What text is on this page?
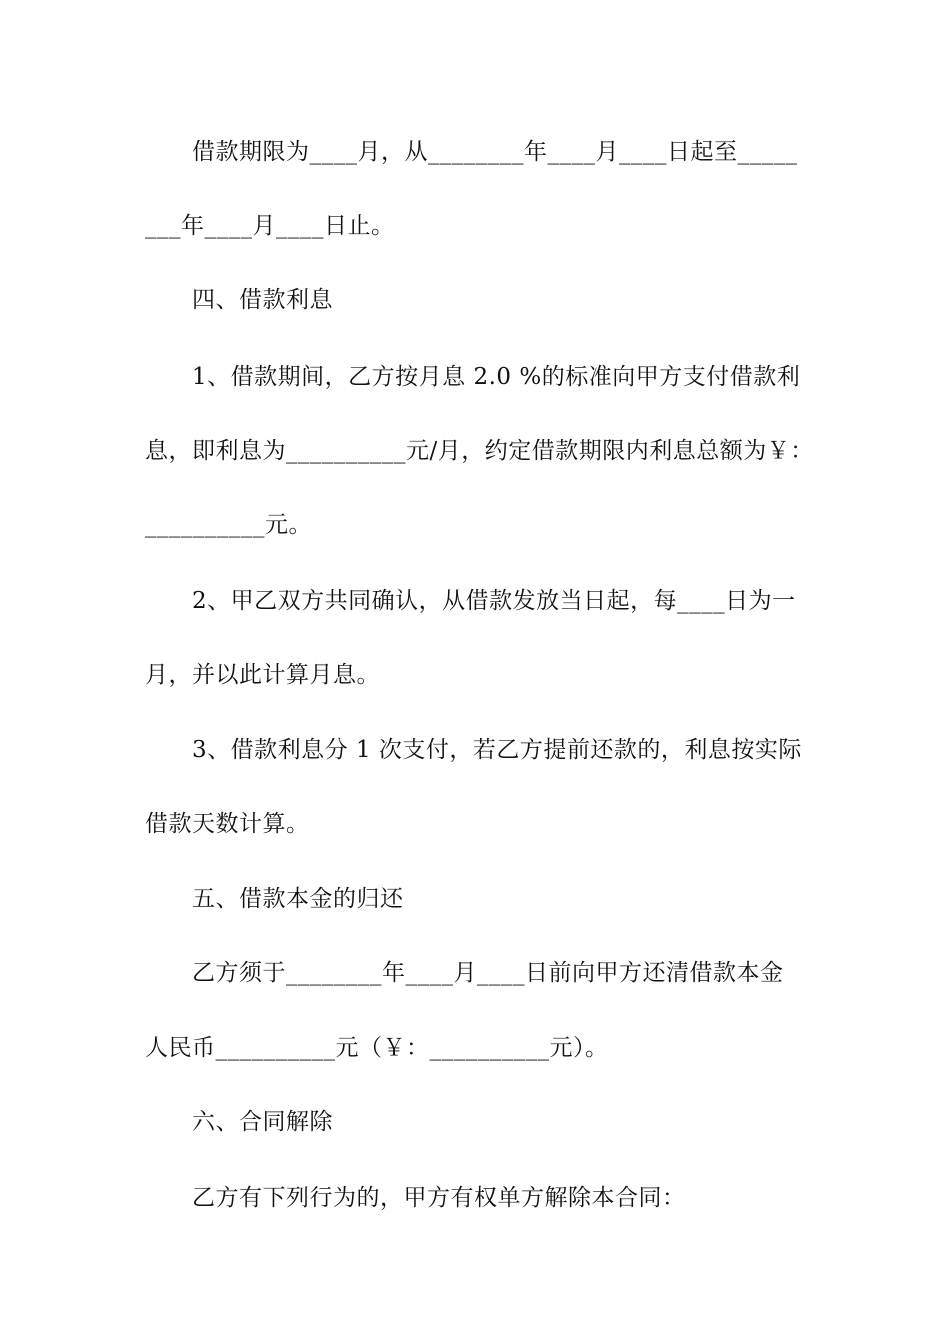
借款期限为____月，从________年____月____日起至_____
___年____月____日止。
四、借款利息
1、借款期间，乙方按月息 2.0 %的标准向甲方支付借款利
息，即利息为__________元/月，约定借款期限内利息总额为￥：
__________元。
2、甲乙双方共同确认，从借款发放当日起，每____日为一
月，并以此计算月息。
3、借款利息分 1 次支付，若乙方提前还款的，利息按实际
借款天数计算。
五、借款本金的归还
乙方须于________年____月____日前向甲方还清借款本金
人民币__________元（￥：__________元）。
六、合同解除
乙方有下列行为的，甲方有权单方解除本合同：
